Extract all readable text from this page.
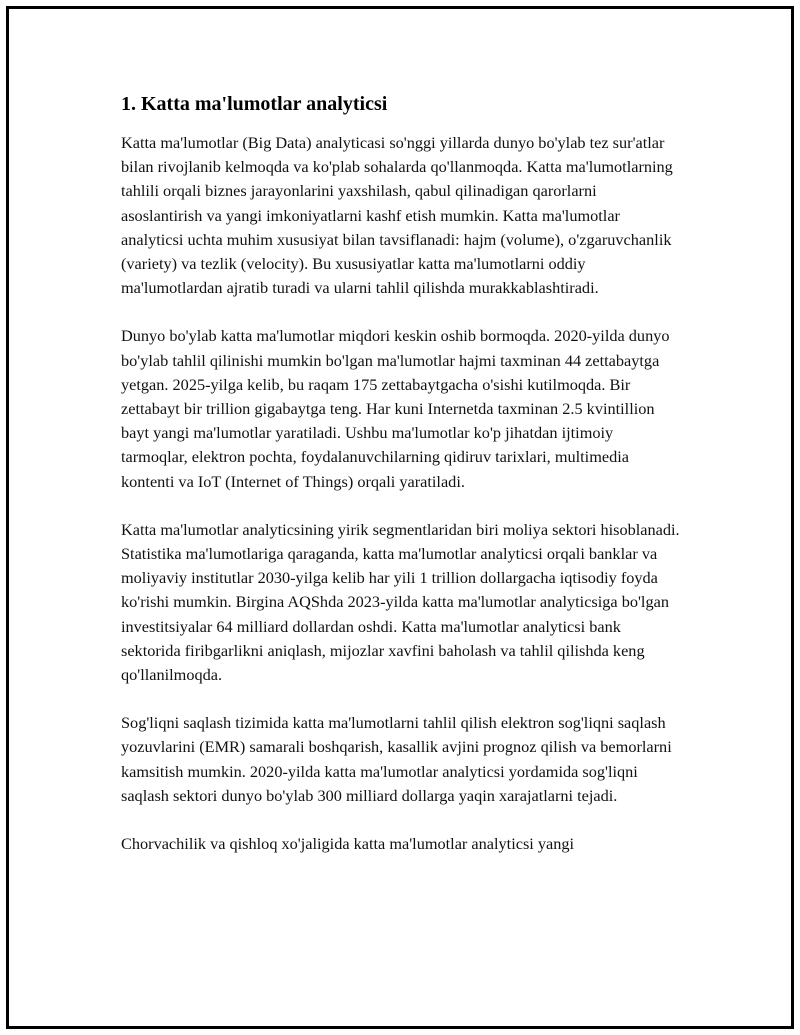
1. Katta ma'lumotlar analyticsi

Katta ma'lumotlar (Big Data) analyticasi so'nggi yillarda dunyo bo'ylab tez sur'atlar bilan rivojlanib kelmoqda va ko'plab sohalarda qo'llanmoqda. Katta ma'lumotlarning tahlili orqali biznes jarayonlarini yaxshilash, qabul qilinadigan qarorlarni asoslantirish va yangi imkoniyatlarni kashf etish mumkin. Katta ma'lumotlar analyticsi uchta muhim xususiyat bilan tavsiflanadi: hajm (volume), o'zgaruvchanlik (variety) va tezlik (velocity). Bu xususiyatlar katta ma'lumotlarni oddiy ma'lumotlardan ajratib turadi va ularni tahlil qilishda murakkablashtiradi.

Dunyo bo'ylab katta ma'lumotlar miqdori keskin oshib bormoqda. 2020-yilda dunyo bo'ylab tahlil qilinishi mumkin bo'lgan ma'lumotlar hajmi taxminan 44 zettabaytga yetgan. 2025-yilga kelib, bu raqam 175 zettabaytgacha o'sishi kutilmoqda. Bir zettabayt bir trillion gigabaytga teng. Har kuni Internetda taxminan 2.5 kvintillion bayt yangi ma'lumotlar yaratiladi. Ushbu ma'lumotlar ko'p jihatdan ijtimoiy tarmoqlar, elektron pochta, foydalanuvchilarning qidiruv tarixlari, multimedia kontenti va IoT (Internet of Things) orqali yaratiladi.

Katta ma'lumotlar analyticsining yirik segmentlaridan biri moliya sektori hisoblanadi. Statistika ma'lumotlariga qaraganda, katta ma'lumotlar analyticsi orqali banklar va moliyaviy institutlar 2030-yilga kelib har yili 1 trillion dollargacha iqtisodiy foyda ko'rishi mumkin. Birgina AQShda 2023-yilda katta ma'lumotlar analyticsiga bo'lgan investitsiyalar 64 milliard dollardan oshdi. Katta ma'lumotlar analyticsi bank sektorida firibgarlikni aniqlash, mijozlar xavfini baholash va tahlil qilishda keng qo'llanilmoqda.

Sog'liqni saqlash tizimida katta ma'lumotlarni tahlil qilish elektron sog'liqni saqlash yozuvlarini (EMR) samarali boshqarish, kasallik avjini prognoz qilish va bemorlarni kamsitish mumkin. 2020-yilda katta ma'lumotlar analyticsi yordamida sog'liqni saqlash sektori dunyo bo'ylab 300 milliard dollarga yaqin xarajatlarni tejadi.

Chorvachilik va qishloq xo'jaligida katta ma'lumotlar analyticsi yangi
